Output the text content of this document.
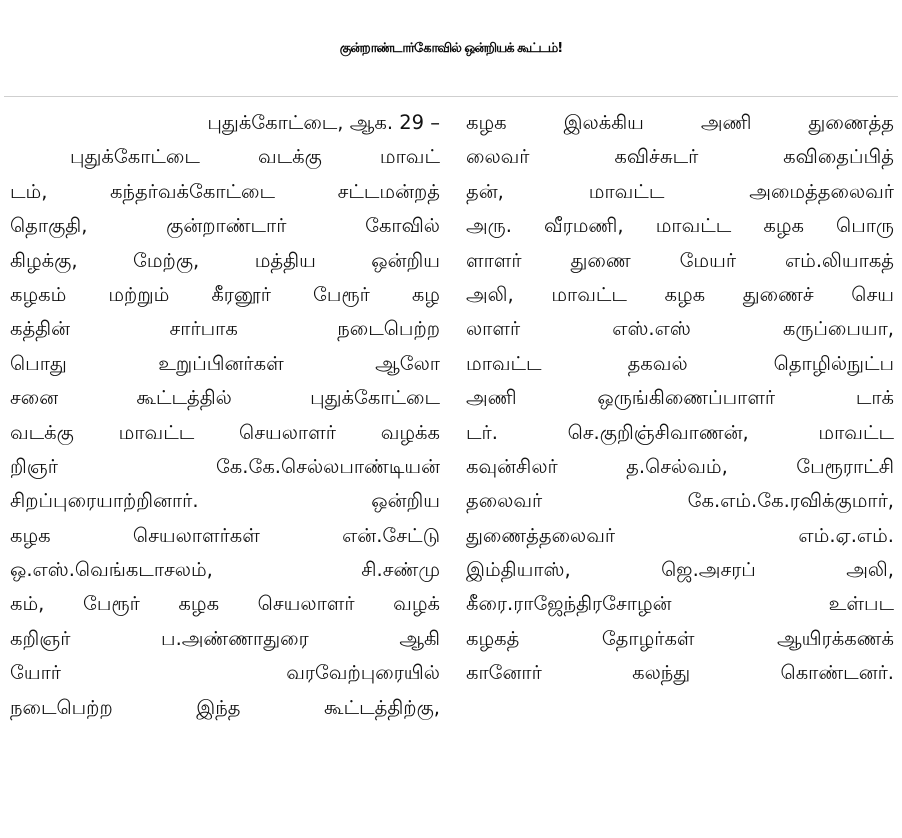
குன்றாண்டார்கோவில் ஒன்றியக் கூட்டம்!
புதுக்கோட்டை, ஆக. 29 –
புதுக்கோட்டை வடக்கு மாவட்
டம், கந்தர்வக்கோட்டை சட்டமன்றத்
தொகுதி, குன்றாண்டார் கோவில்
கிழக்கு, மேற்கு, மத்திய ஒன்றிய
கழகம் மற்றும் கீரனூர் பேரூர் கழ
கத்தின் சார்பாக நடைபெற்ற
பொது உறுப்பினர்கள் ஆலோ
சனை கூட்டத்தில் புதுக்கோட்டை
வடக்கு மாவட்ட செயலாளர் வழக்க
றிஞர் கே.கே.செல்லபாண்டியன்
சிறப்புரையாற்றினார். ஒன்றிய
கழக செயலாளர்கள் என்.சேட்டு
ஒ.எஸ்.வெங்கடாசலம், சி.சண்மு
கம், பேரூர் கழக செயலாளர் வழக்
கறிஞர் ப.அண்ணாதுரை ஆகி
யோர் வரவேற்புரையில்
நடைபெற்ற இந்த கூட்டத்திற்கு,
கழக இலக்கிய அணி துணைத்த
லைவர் கவிச்சுடர் கவிதைப்பித்
தன், மாவட்ட அமைத்தலைவர்
அரு. வீரமணி, மாவட்ட கழக பொரு
ளாளர் துணை மேயர் எம்.லியாகத்
அலி, மாவட்ட கழக துணைச் செய
லாளர் எஸ்.எஸ் கருப்பையா,
மாவட்ட தகவல் தொழில்நுட்ப
அணி ஒருங்கிணைப்பாளர் டாக்
டர். செ.குறிஞ்சிவாணன், மாவட்ட
கவுன்சிலர் த.செல்வம், பேரூராட்சி
தலைவர் கே.எம்.கே.ரவிக்குமார்,
துணைத்தலைவர் எம்.ஏ.எம்.
இம்தியாஸ், ஜெ.அசரப் அலி,
கீரை.ராஜேந்திரசோழன் உள்பட
கழகத் தோழர்கள் ஆயிரக்கணக்
கானோர் கலந்து கொண்டனர்.
